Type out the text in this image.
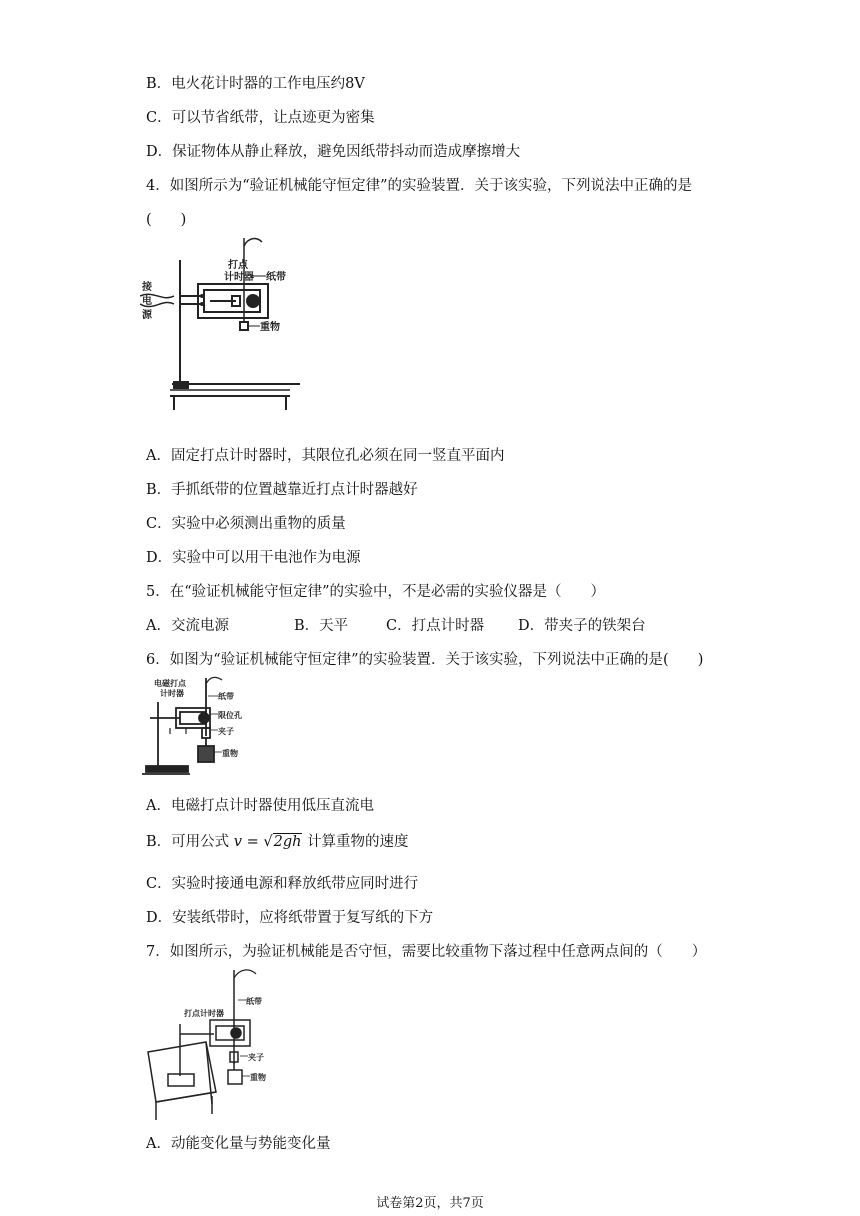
B．电火花计时器的工作电压约8V
C．可以节省纸带，让点迹更为密集
D．保证物体从静止释放，避免因纸带抖动而造成摩擦增大
4．如图所示为“验证机械能守恒定律”的实验装置．关于该实验，下列说法中正确的是
(　　)
打点
计时器 纸带
接
电
源
重物
A．固定打点计时器时，其限位孔必须在同一竖直平面内
B．手抓纸带的位置越靠近打点计时器越好
C．实验中必须测出重物的质量
D．实验中可以用干电池作为电源
5．在“验证机械能守恒定律”的实验中，不是必需的实验仪器是（　　）
A．交流电源	B．天平	C．打点计时器 D．带夹子的铁架台
6．如图为“验证机械能守恒定律”的实验装置．关于该实验，下列说法中正确的是(　　)
电磁打点
计时器	纸带
限位孔
夹子
重物
A．电磁打点计时器使用低压直流电
B．可用公式 v = √2gh 计算重物的速度
C．实验时接通电源和释放纸带应同时进行
D．安装纸带时，应将纸带置于复写纸的下方
7．如图所示，为验证机械能是否守恒，需要比较重物下落过程中任意两点间的（　　）
打点计时器
纸带
夹子
重物
A．动能变化量与势能变化量
试卷第2页，共7页
